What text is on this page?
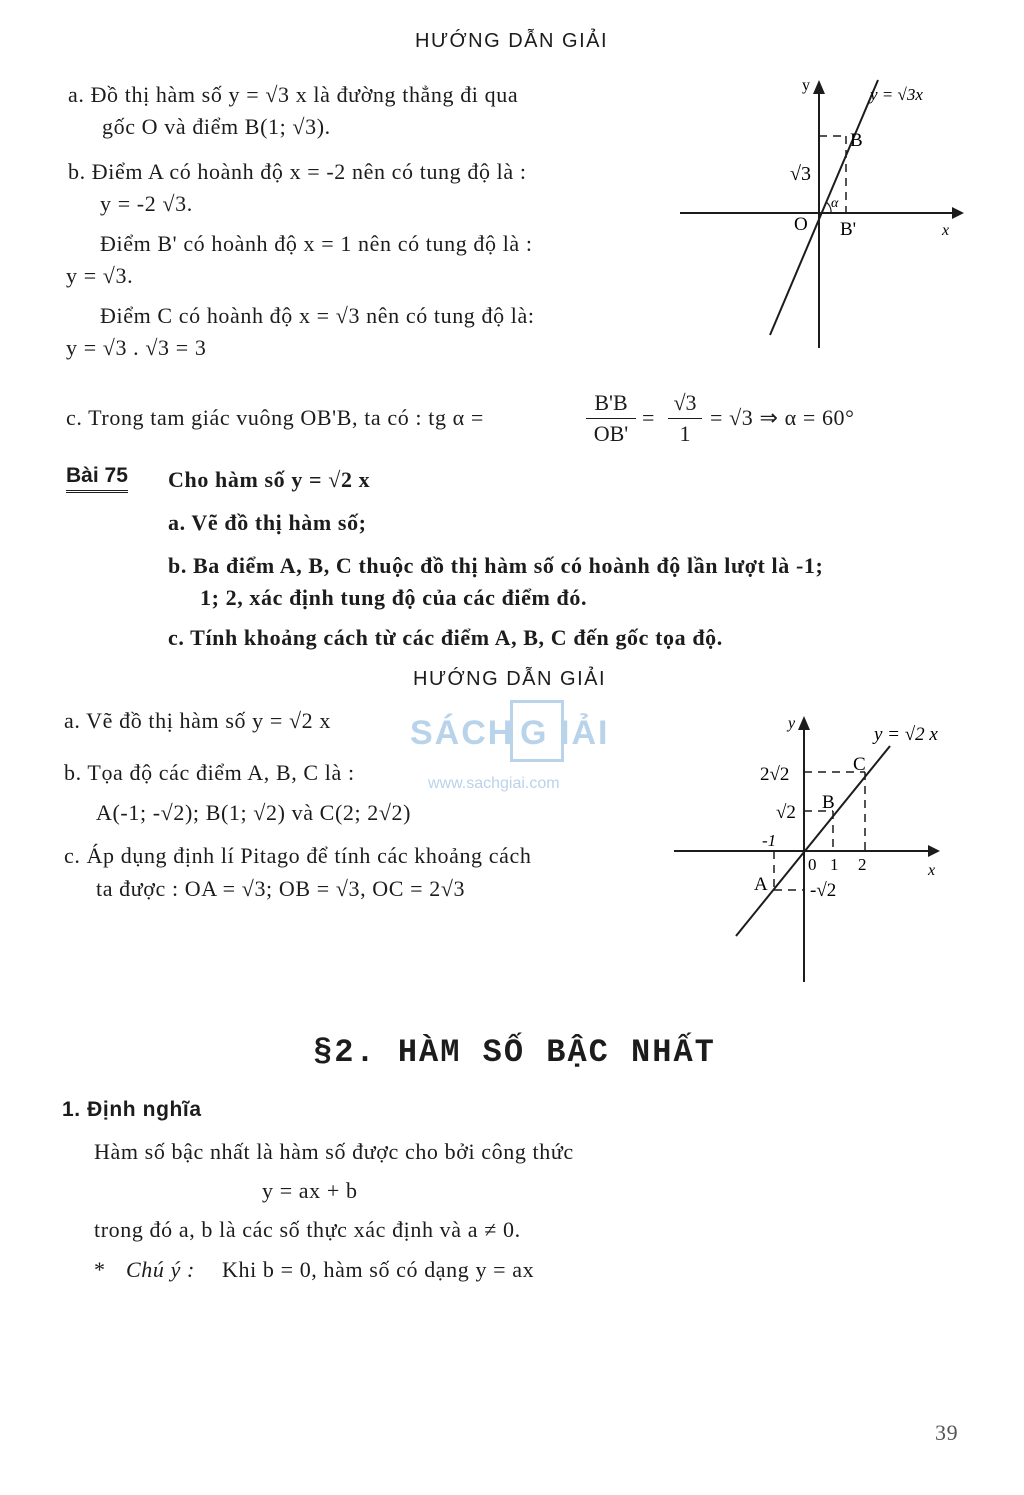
HƯỚNG DẪN GIẢI
a. Đồ thị hàm số y = √3 x là đường thẳng đi qua
gốc O và điểm B(1; √3).
b. Điểm A có hoành độ x = -2 nên có tung độ là :
y = -2 √3.
Điểm B' có hoành độ x = 1 nên có tung độ là :
y = √3.
Điểm C có hoành độ x = √3 nên có tung độ là:
y = √3 . √3 = 3
c. Trong tam giác vuông OB'B, ta có : tg α =
B'B
OB'
=
√3
1
= √3 ⇒ α = 60°
y
x
y = √3x
√3
O
B
B'
α
Bài 75 Cho hàm số y = √2 x
a. Vẽ đồ thị hàm số;
b. Ba điểm A, B, C thuộc đồ thị hàm số có hoành độ lần lượt là -1;
1; 2, xác định tung độ của các điểm đó.
c. Tính khoảng cách từ các điểm A, B, C đến gốc tọa độ.
HƯỚNG DẪN GIẢI
SÁCH G IẢI
www.sachgiai.com
a. Vẽ đồ thị hàm số y = √2 x
b. Tọa độ các điểm A, B, C là :
A(-1; -√2); B(1; √2) và C(2; 2√2)
c. Áp dụng định lí Pitago để tính các khoảng cách
ta được : OA = √3; OB = √3, OC = 2√3
y
x
y = √2 x
2√2
√2
-1
0 1 2
-√2
A
B
C
§2. HÀM SỐ BẬC NHẤT
1. Định nghĩa
Hàm số bậc nhất là hàm số được cho bởi công thức
y = ax + b
trong đó a, b là các số thực xác định và a ≠ 0.
* Chú ý : Khi b = 0, hàm số có dạng y = ax
39
